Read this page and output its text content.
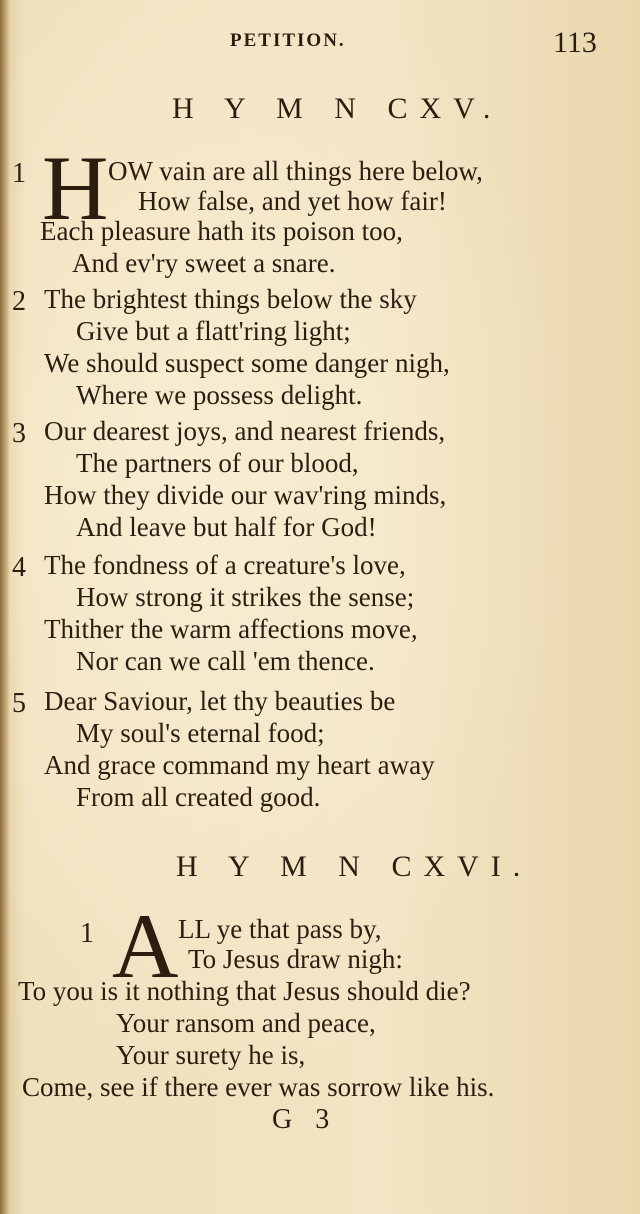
PETITION.	113
H Y M N CXV.
1 H OW vain are all things here below,
How false, and yet how fair!
Each pleasure hath its poison too,
And ev'ry sweet a snare.
2 The brightest things below the sky
Give but a flatt'ring light;
We should suspect some danger nigh,
Where we possess delight.
3 Our dearest joys, and nearest friends,
The partners of our blood,
How they divide our wav'ring minds,
And leave but half for God!
4 The fondness of a creature's love,
How strong it strikes the sense;
Thither the warm affections move,
Nor can we call 'em thence.
5 Dear Saviour, let thy beauties be
My soul's eternal food;
And grace command my heart away
From all created good.
H Y M N CXVI.
1 A LL ye that pass by,
To Jesus draw nigh:
To you is it nothing that Jesus should die?
Your ransom and peace,
Your surety he is,
Come, see if there ever was sorrow like his.
G 3
